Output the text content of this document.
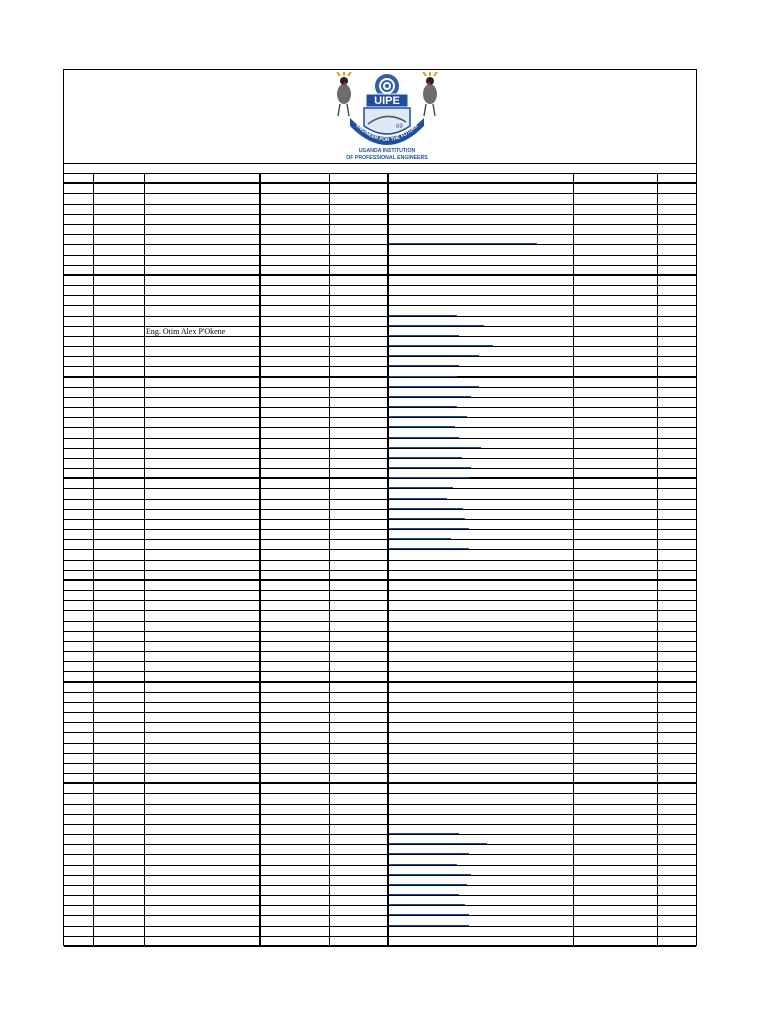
UIPE
69
ENGINEER FOR THE FUTURE
UGANDA INSTITUTION
OF PROFESSIONAL ENGINEERS
Eng. Otim Alex P'Okene
